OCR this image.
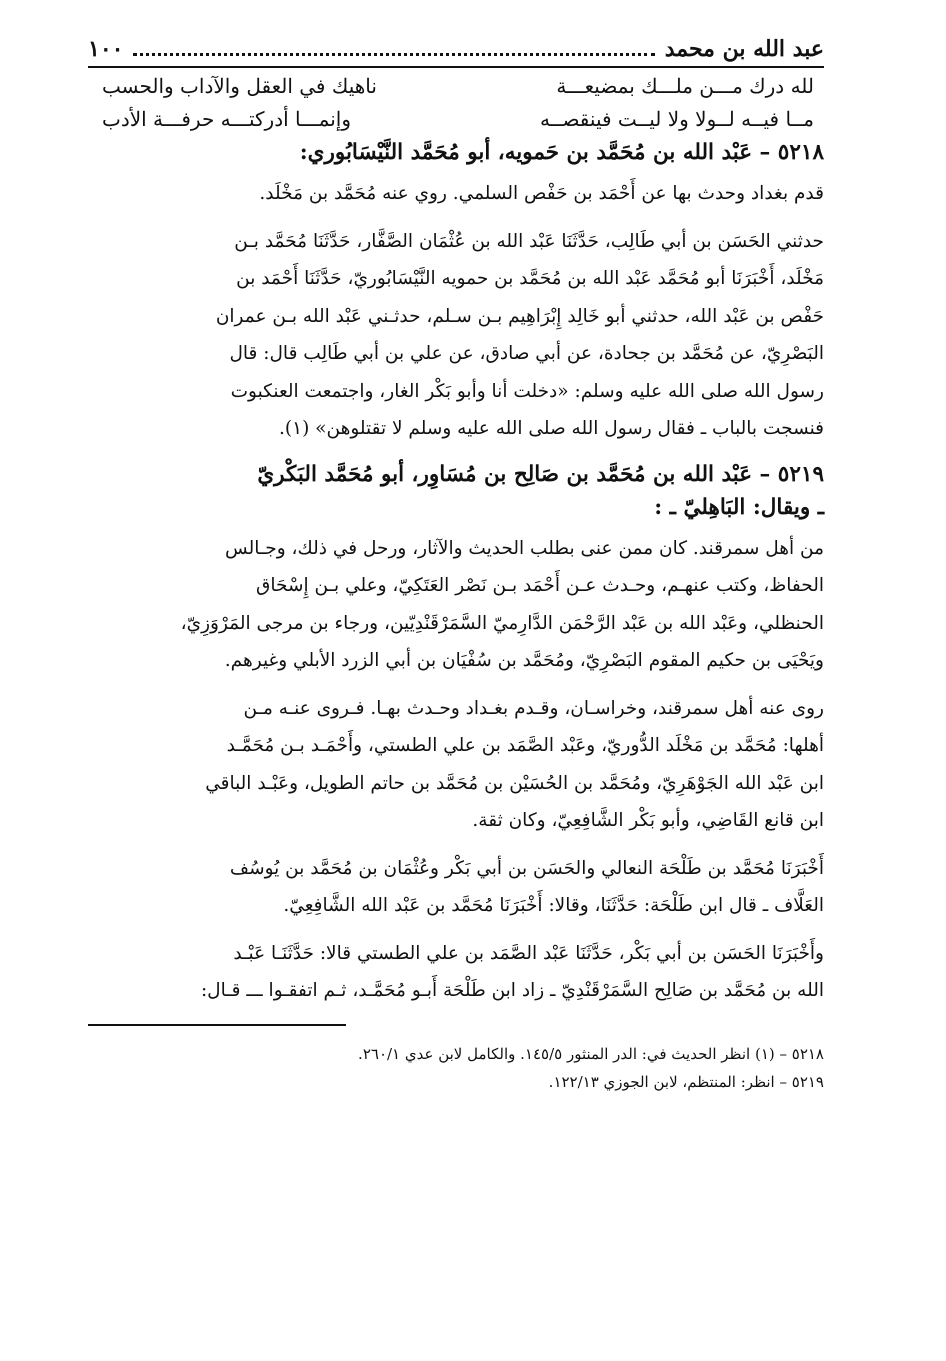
عبد الله بن محمد
١٠٠
لله درك مـــن ملـــك بمضيعـــة
ناهيك في العقل والآداب والحسب
مــا فيــه لــولا ولا ليــت فينقصــه
وإنمـــا أدركتـــه حرفـــة الأدب
٥٢١٨ – عَبْد الله بن مُحَمَّد بن حَمويه، أبو مُحَمَّد النَّيْسَابُوري:

قدم بغداد وحدث بها عن أَحْمَد بن حَفْص السلمي. روي عنه مُحَمَّد بن مَخْلَد.

حدثني الحَسَن بن أبي طَالِب، حَدَّثَنَا عَبْد الله بن عُثْمَان الصَّفَّار، حَدَّثَنَا مُحَمَّد بـن
مَخْلَد، أَخْبَرَنَا أبو مُحَمَّد عَبْد الله بن مُحَمَّد بن حمويه النَّيْسَابُوريّ، حَدَّثَنَا أَحْمَد بن
حَفْص بن عَبْد الله، حدثني أبو خَالِد إِبْرَاهِيم بـن سـلم، حدثـني عَبْد الله بـن عمران
البَصْرِيّ، عن مُحَمَّد بن جحادة، عن أبي صادق، عن علي بن أبي طَالِب قال: قال
رسول الله صلى الله عليه وسلم: «دخلت أنا وأبو بَكْر الغار، واجتمعت العنكبوت
فنسجت بالباب ـ فقال رسول الله صلى الله عليه وسلم لا تقتلوهن» (١).

٥٢١٩ – عَبْد الله بن مُحَمَّد بن صَالِح بن مُسَاوِر، أبو مُحَمَّد البَكْريّ
ـ ويقال: البَاهِليّ ـ :

من أهل سمرقند. كان ممن عنى بطلب الحديث والآثار، ورحل في ذلك، وجـالس
الحفاظ، وكتب عنهـم، وحـدث عـن أَحْمَد بـن نَصْر العَتَكِيّ، وعلي بـن إِسْحَاق
الحنظلي، وعَبْد الله بن عَبْد الرَّحْمَن الدَّارِميّ السَّمَرْقَنْدِيّين، ورجاء بن مرجى المَرْوَزِيّ،
ويَحْيَى بن حكيم المقوم البَصْرِيّ، ومُحَمَّد بن سُفْيَان بن أبي الزرد الأبلي وغيرهم.

روى عنه أهل سمرقند، وخراسـان، وقـدم بغـداد وحـدث بهـا. فـروى عنـه مـن
أهلها: مُحَمَّد بن مَخْلَد الدُّوريّ، وعَبْد الصَّمَد بن علي الطستي، وأَحْمَـد بـن مُحَمَّـد
ابن عَبْد الله الجَوْهَرِيّ، ومُحَمَّد بن الحُسَيْن بن مُحَمَّد بن حاتم الطويل، وعَبْـد الباقي
ابن قانع القَاضِي، وأبو بَكْر الشَّافِعِيّ، وكان ثقة.

أَخْبَرَنَا مُحَمَّد بن طَلْحَة النعالي والحَسَن بن أبي بَكْر وعُثْمَان بن مُحَمَّد بن يُوسُف
العَلَّاف ـ قال ابن طَلْحَة: حَدَّثَنَا، وقالا: أَخْبَرَنَا مُحَمَّد بن عَبْد الله الشَّافِعِيّ.

وأَخْبَرَنَا الحَسَن بن أبي بَكْر، حَدَّثَنَا عَبْد الصَّمَد بن علي الطستي قالا: حَدَّثَنَـا عَبْـد
الله بن مُحَمَّد بن صَالِح السَّمَرْقَنْدِيّ ـ زاد ابن طَلْحَة أَبـو مُحَمَّـد، ثـم اتفقـوا ـــ قـال:

٥٢١٨ – (١) انظر الحديث في: الدر المنثور ١٤٥/٥. والكامل لابن عدي ٢٦٠/١.
٥٢١٩ – انظر: المنتظم، لابن الجوزي ١٢٢/١٣.
